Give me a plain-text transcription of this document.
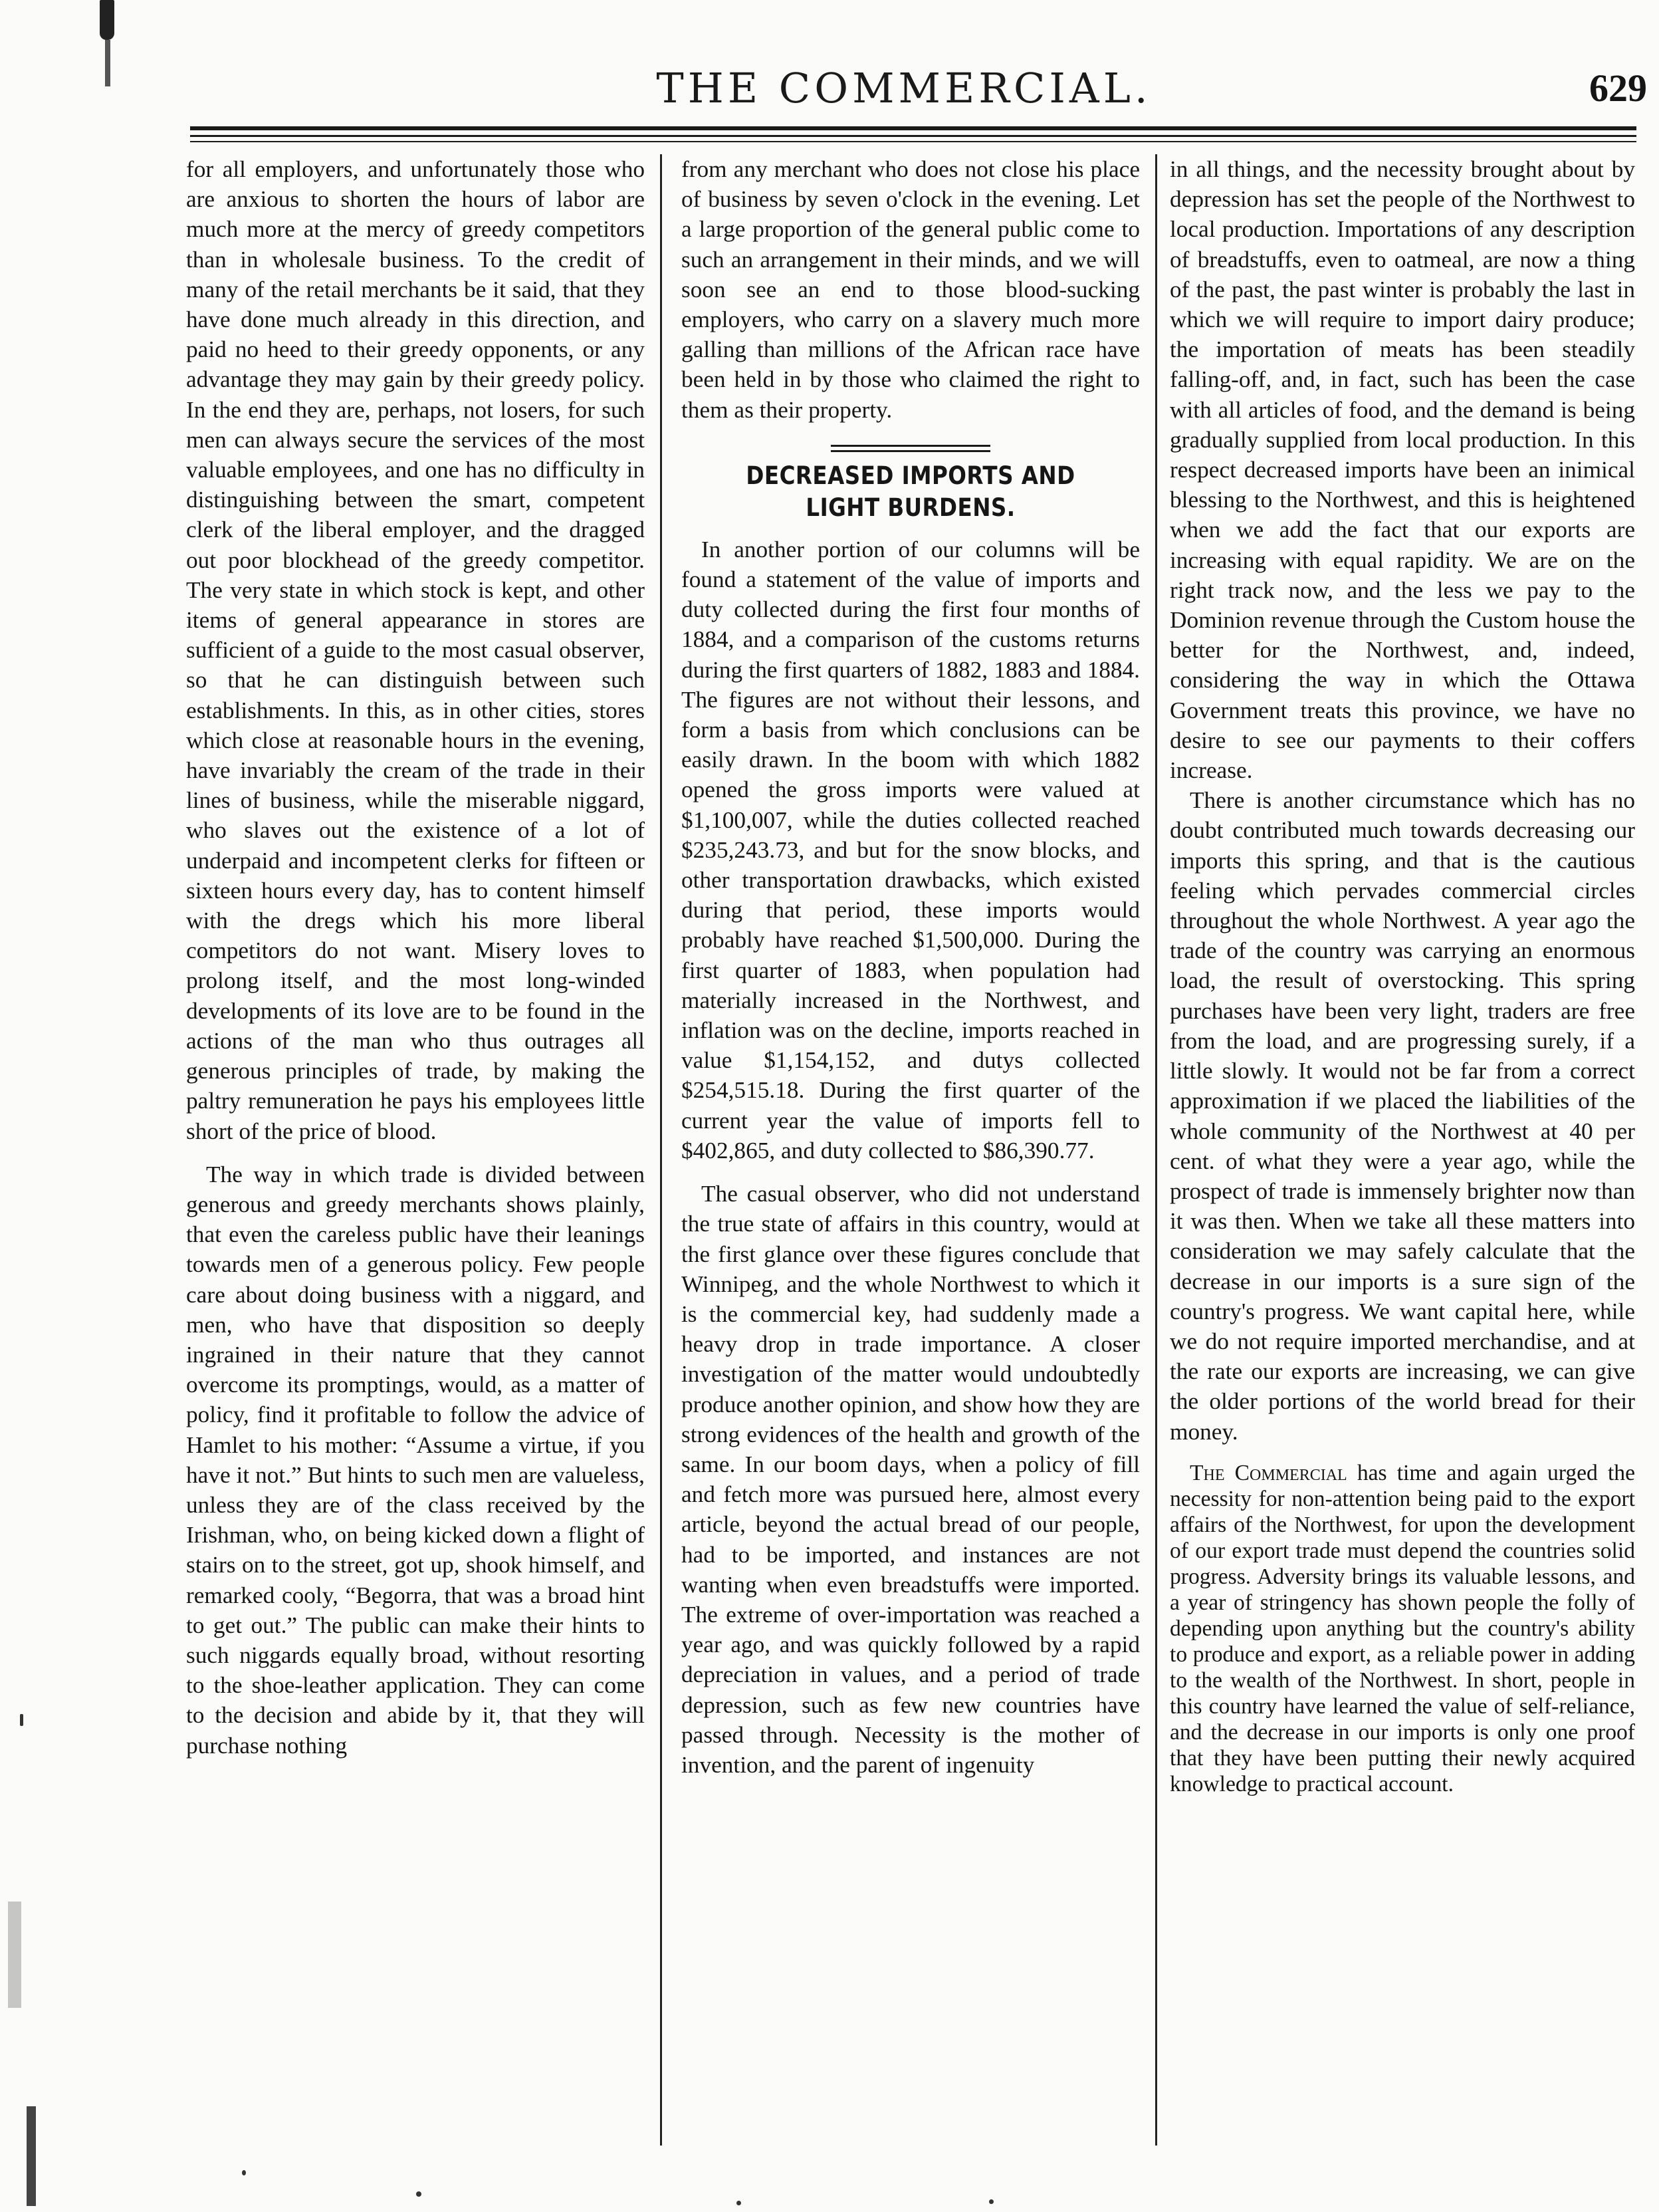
THE COMMERCIAL.	629

for all employers, and unfortunately those who are anxious to shorten the hours of labor are much more at the mercy of greedy competitors than in wholesale business. To the credit of many of the retail merchants be it said, that they have done much already in this direction, and paid no heed to their greedy opponents, or any advantage they may gain by their greedy policy. In the end they are, perhaps, not losers, for such men can always secure the services of the most valuable employees, and one has no difficulty in distinguishing between the smart, competent clerk of the liberal employer, and the dragged out poor blockhead of the greedy competitor. The very state in which stock is kept, and other items of general appearance in stores are sufficient of a guide to the most casual observer, so that he can distinguish between such establishments. In this, as in other cities, stores which close at reasonable hours in the evening, have invariably the cream of the trade in their lines of business, while the miserable niggard, who slaves out the existence of a lot of underpaid and incompetent clerks for fifteen or sixteen hours every day, has to content himself with the dregs which his more liberal competitors do not want. Misery loves to prolong itself, and the most long-winded developments of its love are to be found in the actions of the man who thus outrages all generous principles of trade, by making the paltry remuneration he pays his employees little short of the price of blood.

The way in which trade is divided between generous and greedy merchants shows plainly, that even the careless public have their leanings towards men of a generous policy. Few people care about doing business with a niggard, and men, who have that disposition so deeply ingrained in their nature that they cannot overcome its promptings, would, as a matter of policy, find it profitable to follow the advice of Hamlet to his mother: “Assume a virtue, if you have it not.” But hints to such men are valueless, unless they are of the class received by the Irishman, who, on being kicked down a flight of stairs on to the street, got up, shook himself, and remarked cooly, “Begorra, that was a broad hint to get out.” The public can make their hints to such niggards equally broad, without resorting to the shoe-leather application. They can come to the decision and abide by it, that they will purchase nothing

from any merchant who does not close his place of business by seven o'clock in the evening. Let a large proportion of the general public come to such an arrangement in their minds, and we will soon see an end to those blood-sucking employers, who carry on a slavery much more galling than millions of the African race have been held in by those who claimed the right to them as their property.

DECREASED IMPORTS AND LIGHT BURDENS.

In another portion of our columns will be found a statement of the value of imports and duty collected during the first four months of 1884, and a comparison of the customs returns during the first quarters of 1882, 1883 and 1884. The figures are not without their lessons, and form a basis from which conclusions can be easily drawn. In the boom with which 1882 opened the gross imports were valued at $1,100,007, while the duties collected reached $235,243.73, and but for the snow blocks, and other transportation drawbacks, which existed during that period, these imports would probably have reached $1,500,000. During the first quarter of 1883, when population had materially increased in the Northwest, and inflation was on the decline, imports reached in value $1,154,152, and dutys collected $254,515.18. During the first quarter of the current year the value of imports fell to $402,865, and duty collected to $86,390.77.

The casual observer, who did not understand the true state of affairs in this country, would at the first glance over these figures conclude that Winnipeg, and the whole Northwest to which it is the commercial key, had suddenly made a heavy drop in trade importance. A closer investigation of the matter would undoubtedly produce another opinion, and show how they are strong evidences of the health and growth of the same. In our boom days, when a policy of fill and fetch more was pursued here, almost every article, beyond the actual bread of our people, had to be imported, and instances are not wanting when even breadstuffs were imported. The extreme of over-importation was reached a year ago, and was quickly followed by a rapid depreciation in values, and a period of trade depression, such as few new countries have passed through. Necessity is the mother of invention, and the parent of ingenuity

in all things, and the necessity brought about by depression has set the people of the Northwest to local production. Importations of any description of breadstuffs, even to oatmeal, are now a thing of the past, the past winter is probably the last in which we will require to import dairy produce; the importation of meats has been steadily falling-off, and, in fact, such has been the case with all articles of food, and the demand is being gradually supplied from local production. In this respect decreased imports have been an inimical blessing to the Northwest, and this is heightened when we add the fact that our exports are increasing with equal rapidity. We are on the right track now, and the less we pay to the Dominion revenue through the Custom house the better for the Northwest, and, indeed, considering the way in which the Ottawa Government treats this province, we have no desire to see our payments to their coffers increase.

There is another circumstance which has no doubt contributed much towards decreasing our imports this spring, and that is the cautious feeling which pervades commercial circles throughout the whole Northwest. A year ago the trade of the country was carrying an enormous load, the result of overstocking. This spring purchases have been very light, traders are free from the load, and are progressing surely, if a little slowly. It would not be far from a correct approximation if we placed the liabilities of the whole community of the Northwest at 40 per cent. of what they were a year ago, while the prospect of trade is immensely brighter now than it was then. When we take all these matters into consideration we may safely calculate that the decrease in our imports is a sure sign of the country's progress. We want capital here, while we do not require imported merchandise, and at the rate our exports are increasing, we can give the older portions of the world bread for their money.

The Commercial has time and again urged the necessity for non-attention being paid to the export affairs of the Northwest, for upon the development of our export trade must depend the countries solid progress. Adversity brings its valuable lessons, and a year of stringency has shown people the folly of depending upon anything but the country's ability to produce and export, as a reliable power in adding to the wealth of the Northwest. In short, people in this country have learned the value of self-reliance, and the decrease in our imports is only one proof that they have been putting their newly acquired knowledge to practical account.
